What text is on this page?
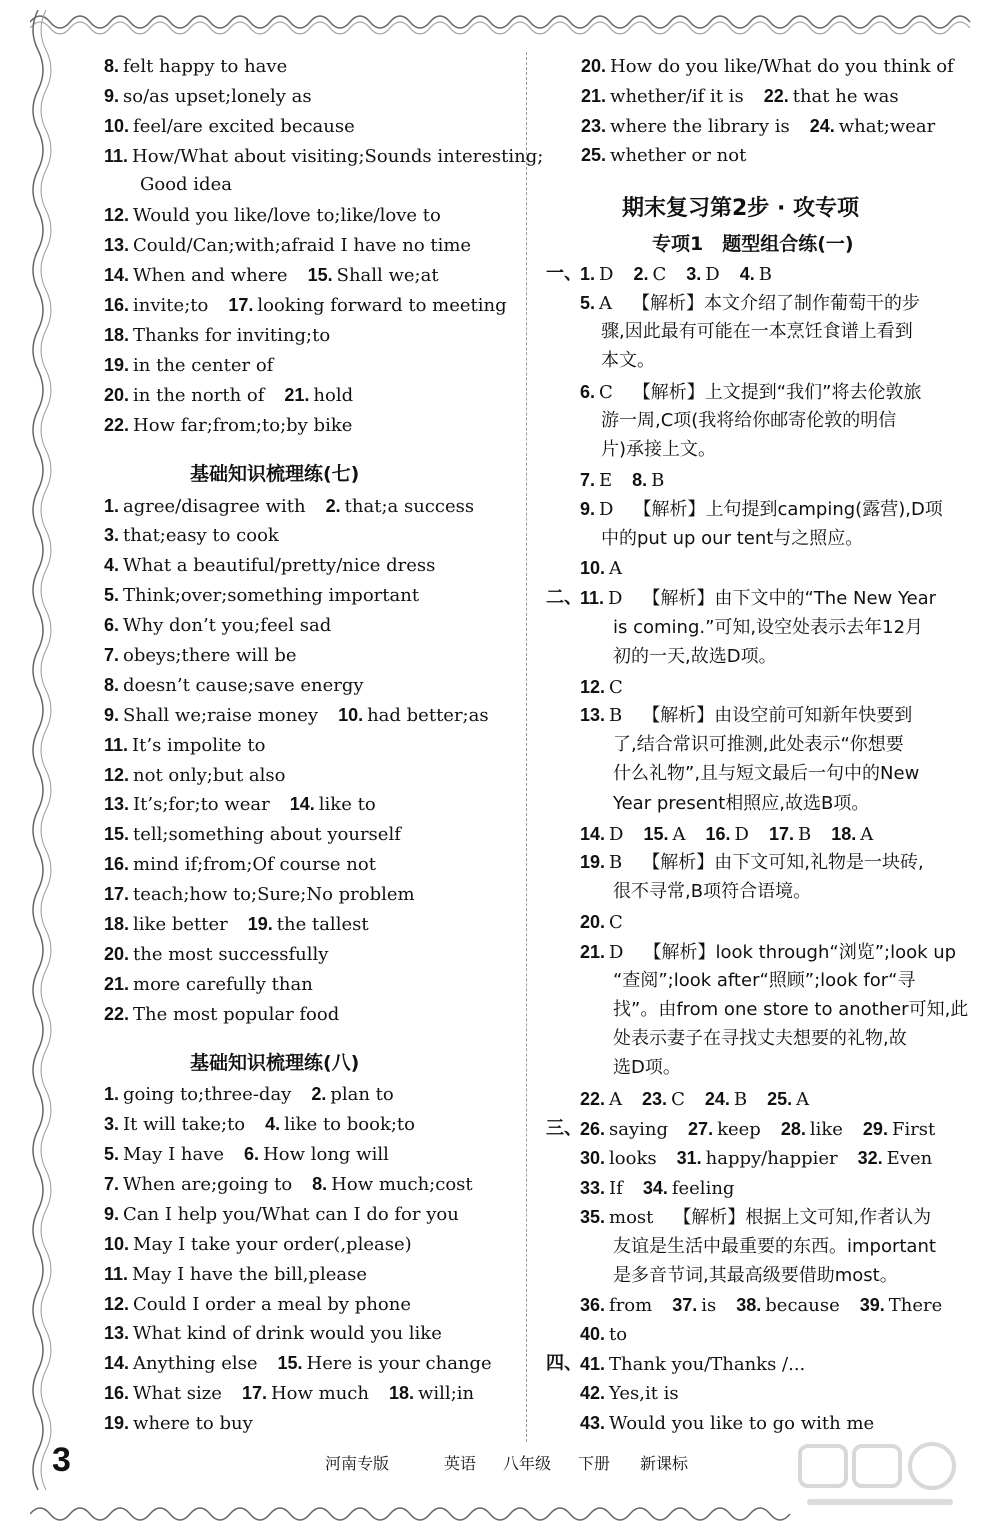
8. felt happy to have
9. so/as upset;lonely as
10. feel/are excited because
11. How/What about visiting;Sounds interesting;
Good idea
12. Would you like/love to;like/love to
13. Could/Can;with;afraid I have no time
14. When and where 15. Shall we;at
16. invite;to 17. looking forward to meeting
18. Thanks for inviting;to
19. in the center of
20. in the north of 21. hold
22. How far;from;to;by bike
基础知识梳理练(七)
1. agree/disagree with 2. that;a success
3. that;easy to cook
4. What a beautiful/pretty/nice dress
5. Think;over;something important
6. Why don’t you;feel sad
7. obeys;there will be
8. doesn’t cause;save energy
9. Shall we;raise money 10. had better;as
11. It’s impolite to
12. not only;but also
13. It’s;for;to wear 14. like to
15. tell;something about yourself
16. mind if;from;Of course not
17. teach;how to;Sure;No problem
18. like better 19. the tallest
20. the most successfully
21. more carefully than
22. The most popular food
基础知识梳理练(八)
1. going to;three-day 2. plan to
3. It will take;to 4. like to book;to
5. May I have 6. How long will
7. When are;going to 8. How much;cost
9. Can I help you/What can I do for you
10. May I take your order(,please)
11. May I have the bill,please
12. Could I order a meal by phone
13. What kind of drink would you like
14. Anything else 15. Here is your change
16. What size 17. How much 18. will;in
19. where to buy
20. How do you like/What do you think of
21. whether/if it is 22. that he was
23. where the library is 24. what;wear
25. whether or not
期末复习第2步 · 攻专项
专项1　题型组合练(一)
一、
1. D 2. C 3. D 4. B
5. A 【解析】本文介绍了制作葡萄干的步
骤,因此最有可能在一本烹饪食谱上看到
本文。
6. C 【解析】上文提到“我们”将去伦敦旅
游一周,C项(我将给你邮寄伦敦的明信
片)承接上文。
7. E 8. B
9. D 【解析】上句提到camping(露营),D项
中的put up our tent与之照应。
10. A
二、
11. D 【解析】由下文中的“The New Year
is coming.”可知,设空处表示去年12月
初的一天,故选D项。
12. C
13. B 【解析】由设空前可知新年快要到
了,结合常识可推测,此处表示“你想要
什么礼物”,且与短文最后一句中的New
Year present相照应,故选B项。
14. D 15. A 16. D 17. B 18. A
19. B 【解析】由下文可知,礼物是一块砖,
很不寻常,B项符合语境。
20. C
21. D 【解析】look through“浏览”;look up
“查阅”;look after“照顾”;look for“寻
找”。由from one store to another可知,此
处表示妻子在寻找丈夫想要的礼物,故
选D项。
22. A 23. C 24. B 25. A
三、
26. saying 27. keep 28. like 29. First
30. looks 31. happy/happier 32. Even
33. If 34. feeling
35. most 【解析】根据上文可知,作者认为
友谊是生活中最重要的东西。important
是多音节词,其最高级要借助most。
36. from 37. is 38. because 39. There
40. to
四、
41. Thank you/Thanks /...
42. Yes,it is
43. Would you like to go with me
3	河南专版	英语 八年级 下册 新课标
